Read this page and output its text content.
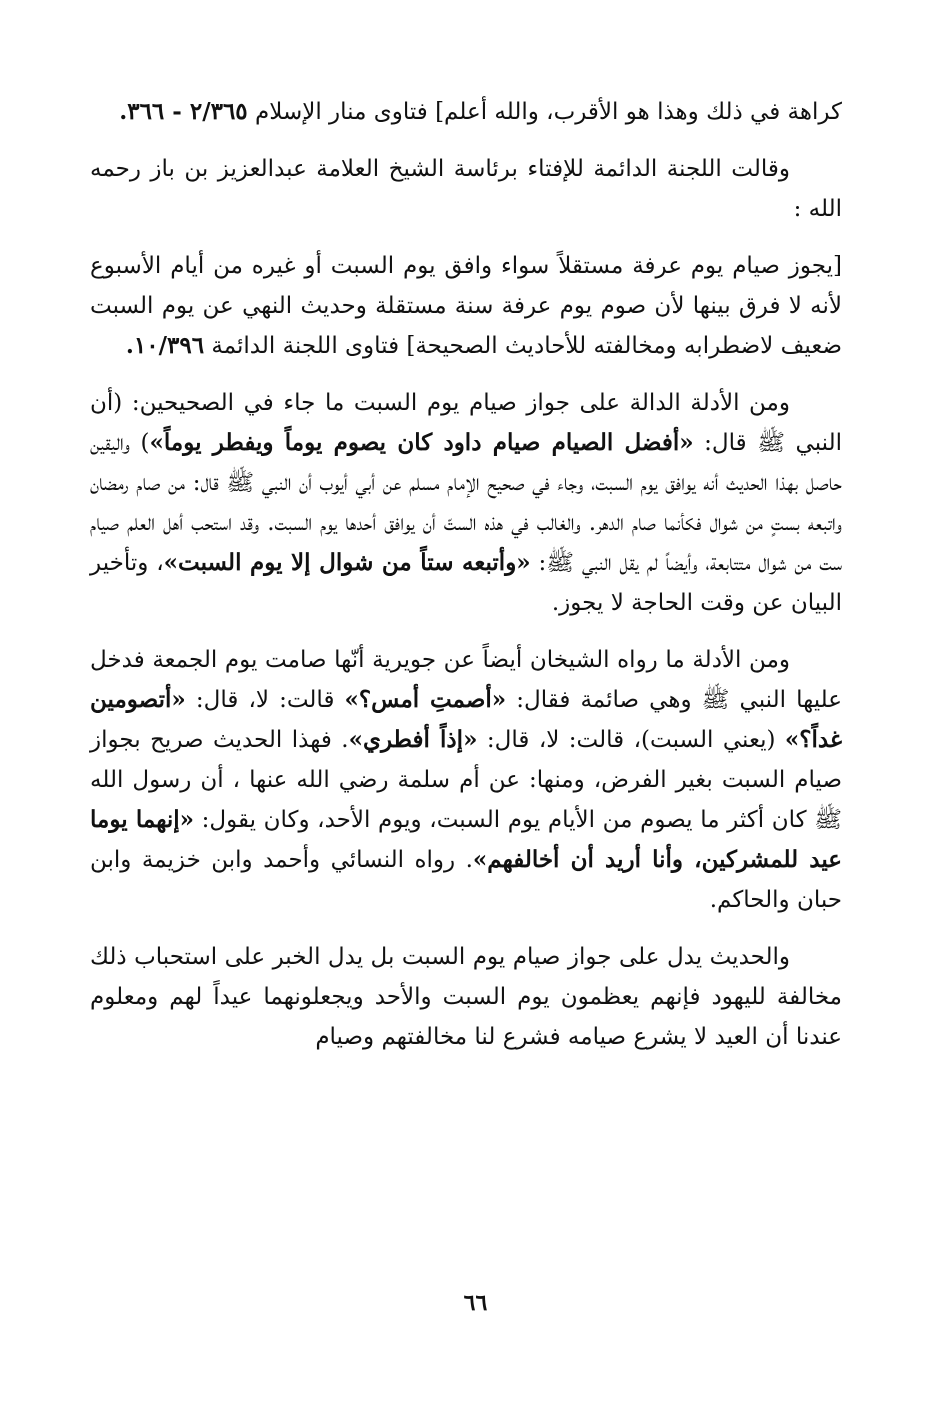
كراهة في ذلك وهذا هو الأقرب، والله أعلم] فتاوى منار الإسلام ٢/٣٦٥ - ٣٦٦.

وقالت اللجنة الدائمة للإفتاء برئاسة الشيخ العلامة عبدالعزيز بن باز رحمه الله :

[يجوز صيام يوم عرفة مستقلاً سواء وافق يوم السبت أو غيره من أيام الأسبوع لأنه لا فرق بينها لأن صوم يوم عرفة سنة مستقلة وحديث النهي عن يوم السبت ضعيف لاضطرابه ومخالفته للأحاديث الصحيحة] فتاوى اللجنة الدائمة ١٠/٣٩٦.

ومن الأدلة الدالة على جواز صيام يوم السبت ما جاء في الصحيحين: (أن النبي ﷺ قال: «أفضل الصيام صيام داود كان يصوم يوماً ويفطر يوماً») واليقين حاصل بهذا الحديث أنه يوافق يوم السبت، وجاء في صحيح الإمام مسلم عن أبي أيوب أن النبي ﷺ قال: من صام رمضان واتبعه بستٍ من شوال فكأنما صام الدهر. والغالب في هذه الستّ أن يوافق أحدها يوم السبت. وقد استحب أهل العلم صيام ست من شوال متتابعة، وأيضاً لم يقل النبي ﷺ: «وأتبعه ستاً من شوال إلا يوم السبت»، وتأخير البيان عن وقت الحاجة لا يجوز.

ومن الأدلة ما رواه الشيخان أيضاً عن جويرية أنّها صامت يوم الجمعة فدخل عليها النبي ﷺ وهي صائمة فقال: «أصمتِ أمس؟» قالت: لا، قال: «أتصومين غداً؟» (يعني السبت)، قالت: لا، قال: «إذاً أفطري». فهذا الحديث صريح بجواز صيام السبت بغير الفرض، ومنها: عن أم سلمة رضي الله عنها ، أن رسول الله ﷺ كان أكثر ما يصوم من الأيام يوم السبت، ويوم الأحد، وكان يقول: «إنهما يوما عيد للمشركين، وأنا أريد أن أخالفهم». رواه النسائي وأحمد وابن خزيمة وابن حبان والحاكم.

والحديث يدل على جواز صيام يوم السبت بل يدل الخبر على استحباب ذلك مخالفة لليهود فإنهم يعظمون يوم السبت والأحد ويجعلونهما عيداً لهم ومعلوم عندنا أن العيد لا يشرع صيامه فشرع لنا مخالفتهم وصيام

٦٦
